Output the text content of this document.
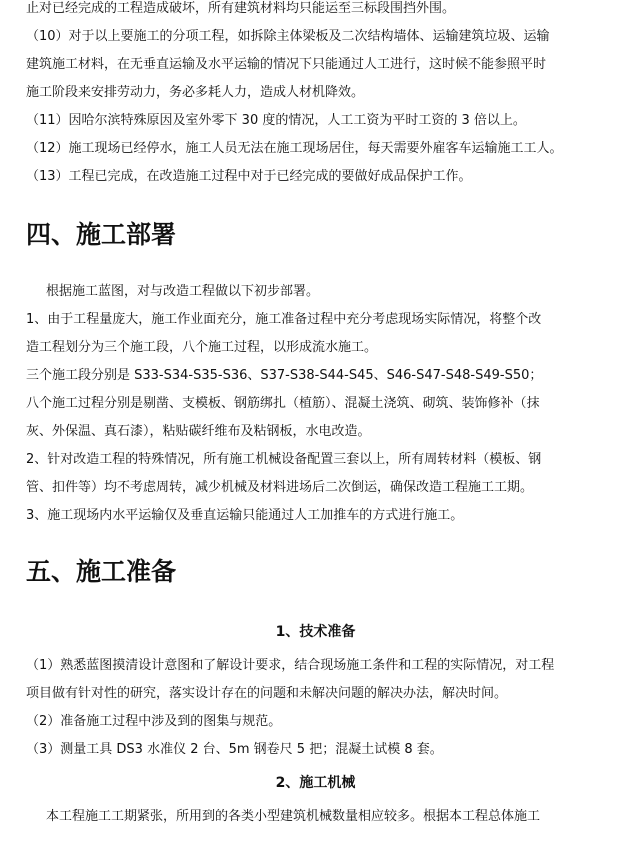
止对已经完成的工程造成破坏，所有建筑材料均只能运至三标段围挡外围。
（10）对于以上要施工的分项工程，如拆除主体梁板及二次结构墙体、运输建筑垃圾、运输
建筑施工材料，在无垂直运输及水平运输的情况下只能通过人工进行，这时候不能参照平时
施工阶段来安排劳动力，务必多耗人力，造成人材机降效。
（11）因哈尔滨特殊原因及室外零下 30 度的情况，人工工资为平时工资的 3 倍以上。
（12）施工现场已经停水，施工人员无法在施工现场居住，每天需要外雇客车运输施工工人。
（13）工程已完成，在改造施工过程中对于已经完成的要做好成品保护工作。
四、施工部署
根据施工蓝图，对与改造工程做以下初步部署。
1、由于工程量庞大，施工作业面充分，施工准备过程中充分考虑现场实际情况，将整个改
造工程划分为三个施工段，八个施工过程，以形成流水施工。
三个施工段分别是 S33-S34-S35-S36、S37-S38-S44-S45、S46-S47-S48-S49-S50；
八个施工过程分别是剔凿、支模板、钢筋绑扎（植筋）、混凝土浇筑、砌筑、装饰修补（抹
灰、外保温、真石漆），粘贴碳纤维布及粘钢板，水电改造。
2、针对改造工程的特殊情况，所有施工机械设备配置三套以上，所有周转材料（模板、钢
管、扣件等）均不考虑周转，减少机械及材料进场后二次倒运，确保改造工程施工工期。
3、施工现场内水平运输仅及垂直运输只能通过人工加推车的方式进行施工。
五、施工准备
1、技术准备
（1）熟悉蓝图摸清设计意图和了解设计要求，结合现场施工条件和工程的实际情况，对工程
项目做有针对性的研究，落实设计存在的问题和未解决问题的解决办法，解决时间。
（2）准备施工过程中涉及到的图集与规范。
（3）测量工具 DS3 水准仪 2 台、5m 钢卷尺 5 把；混凝土试模 8 套。
2、施工机械
本工程施工工期紧张，所用到的各类小型建筑机械数量相应较多。根据本工程总体施工
